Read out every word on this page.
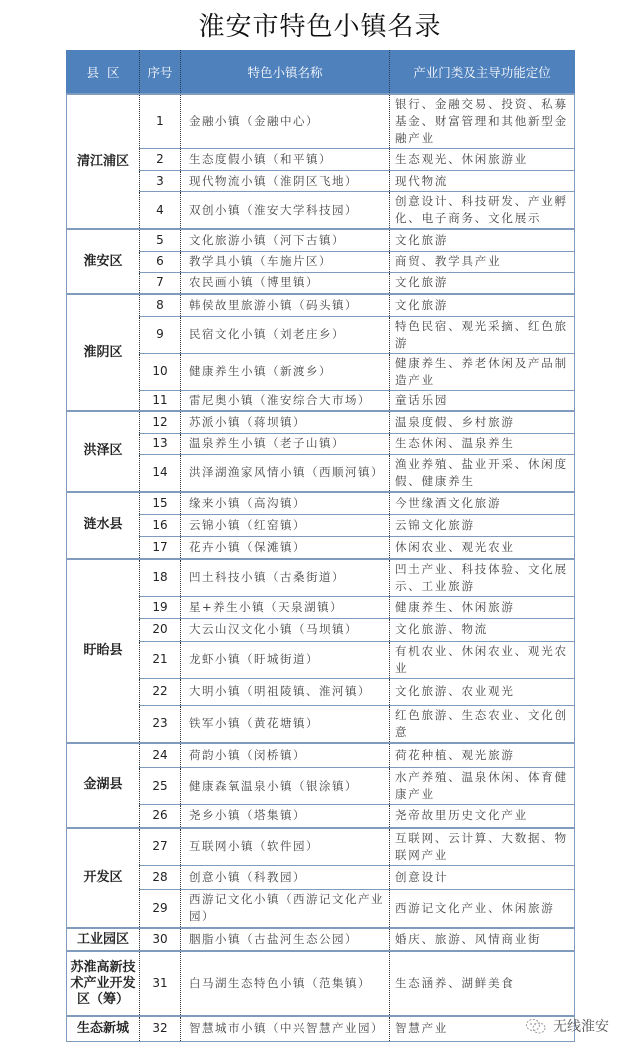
淮安市特色小镇名录
县  区	序号	特色小镇名称	产业门类及主导功能定位
清江浦区	1	金融小镇（金融中心）	银行、金融交易、投资、私募基金、财富管理和其他新型金融产业
	2	生态度假小镇（和平镇）	生态观光、休闲旅游业
	3	现代物流小镇（淮阴区飞地）	现代物流
	4	双创小镇（淮安大学科技园）	创意设计、科技研发、产业孵化、电子商务、文化展示
淮安区	5	文化旅游小镇（河下古镇）	文化旅游
	6	教学具小镇（车施片区）	商贸、教学具产业
	7	农民画小镇（博里镇）	文化旅游
淮阴区	8	韩侯故里旅游小镇（码头镇）	文化旅游
	9	民宿文化小镇（刘老庄乡）	特色民宿、观光采摘、红色旅游
	10	健康养生小镇（新渡乡）	健康养生、养老休闲及产品制造产业
	11	雷尼奥小镇（淮安综合大市场）	童话乐园
洪泽区	12	苏派小镇（蒋坝镇）	温泉度假、乡村旅游
	13	温泉养生小镇（老子山镇）	生态休闲、温泉养生
	14	洪泽湖渔家风情小镇（西顺河镇）	渔业养殖、盐业开采、休闲度假、健康养生
涟水县	15	缘来小镇（高沟镇）	今世缘酒文化旅游
	16	云锦小镇（红窑镇）	云锦文化旅游
	17	花卉小镇（保滩镇）	休闲农业、观光农业
盱眙县	18	凹土科技小镇（古桑街道）	凹土产业、科技体验、文化展示、工业旅游
	19	星+养生小镇（天泉湖镇）	健康养生、休闲旅游
	20	大云山汉文化小镇（马坝镇）	文化旅游、物流
	21	龙虾小镇（盱城街道）	有机农业、休闲农业、观光农业
	22	大明小镇（明祖陵镇、淮河镇）	文化旅游、农业观光
	23	铁军小镇（黄花塘镇）	红色旅游、生态农业、文化创意
金湖县	24	荷韵小镇（闵桥镇）	荷花种植、观光旅游
	25	健康森氧温泉小镇（银涂镇）	水产养殖、温泉休闲、体育健康产业
	26	尧乡小镇（塔集镇）	尧帝故里历史文化产业
开发区	27	互联网小镇（软件园）	互联网、云计算、大数据、物联网产业
	28	创意小镇（科教园）	创意设计
	29	西游记文化小镇（西游记文化产业园）	西游记文化产业、休闲旅游
工业园区	30	胭脂小镇（古盐河生态公园）	婚庆、旅游、风情商业街
苏淮高新技术产业开发区（筹）	31	白马湖生态特色小镇（范集镇）	生态涵养、湖鲜美食
生态新城	32	智慧城市小镇（中兴智慧产业园）	智慧产业	无线淮安
